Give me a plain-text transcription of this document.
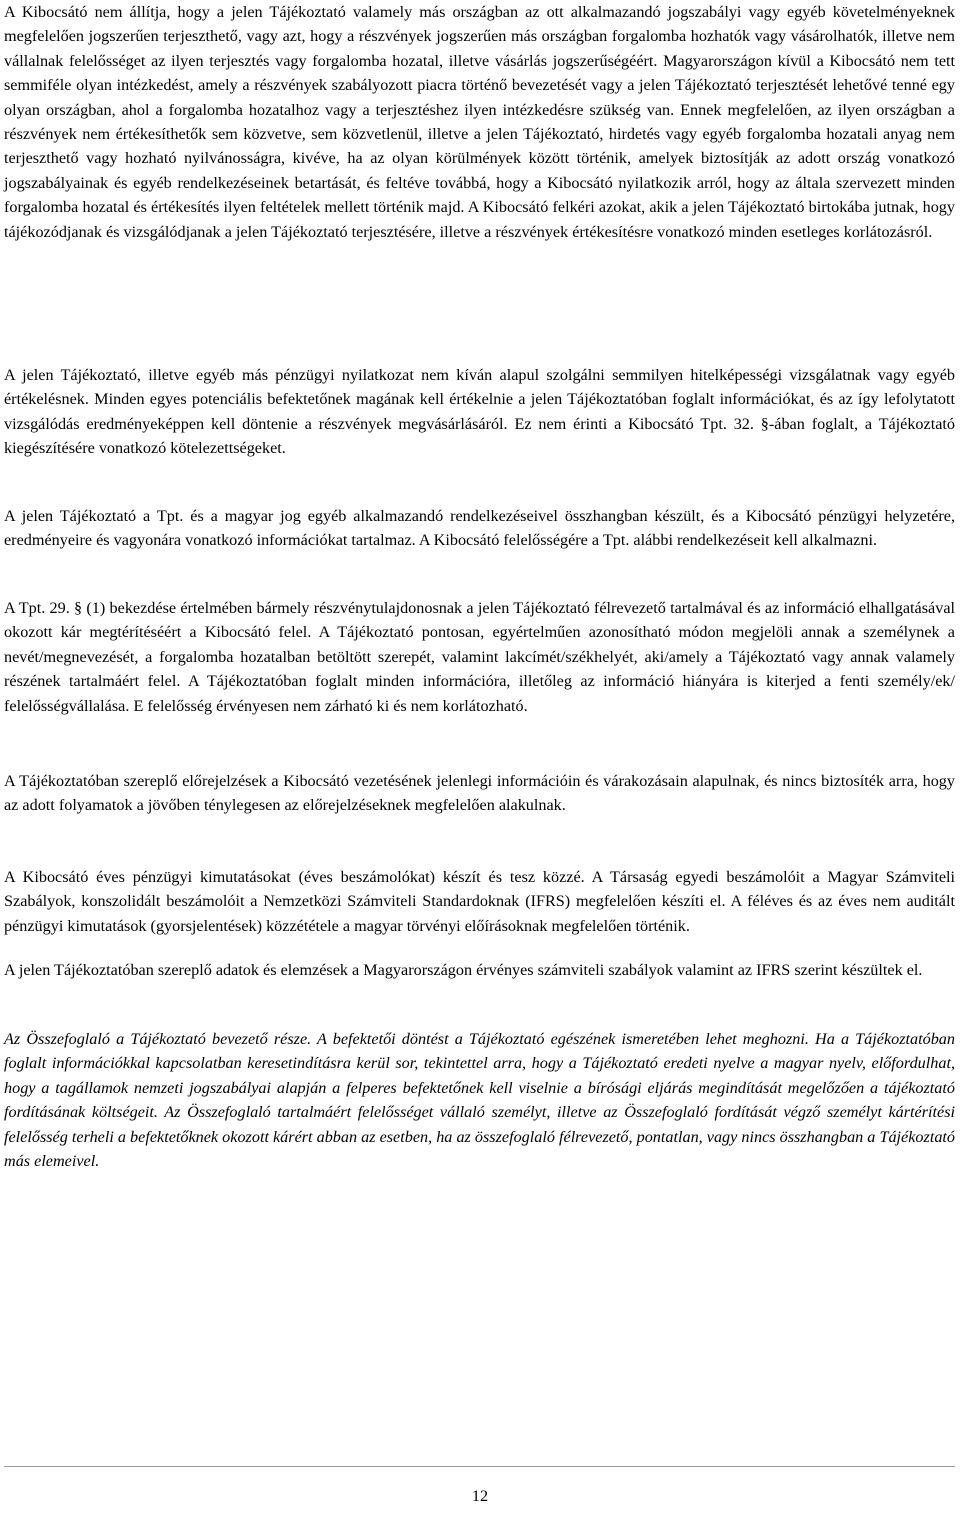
A Kibocsátó nem állítja, hogy a jelen Tájékoztató valamely más országban az ott alkalmazandó jogszabályi vagy egyéb követelményeknek megfelelően jogszerűen terjeszthető, vagy azt, hogy a részvények jogszerűen más országban forgalomba hozhatók vagy vásárolhatók, illetve nem vállalnak felelősséget az ilyen terjesztés vagy forgalomba hozatal, illetve vásárlás jogszerűségéért. Magyarországon kívül a Kibocsátó nem tett semmiféle olyan intézkedést, amely a részvények szabályozott piacra történő bevezetését vagy a jelen Tájékoztató terjesztését lehetővé tenné egy olyan országban, ahol a forgalomba hozatalhoz vagy a terjesztéshez ilyen intézkedésre szükség van. Ennek megfelelően, az ilyen országban a részvények nem értékesíthetők sem közvetve, sem közvetlenül, illetve a jelen Tájékoztató, hirdetés vagy egyéb forgalomba hozatali anyag nem terjeszthető vagy hozható nyilvánosságra, kivéve, ha az olyan körülmények között történik, amelyek biztosítják az adott ország vonatkozó jogszabályainak és egyéb rendelkezéseinek betartását, és feltéve továbbá, hogy a Kibocsátó nyilatkozik arról, hogy az általa szervezett minden forgalomba hozatal és értékesítés ilyen feltételek mellett történik majd. A Kibocsátó felkéri azokat, akik a jelen Tájékoztató birtokába jutnak, hogy tájékozódjanak és vizsgálódjanak a jelen Tájékoztató terjesztésére, illetve a részvények értékesítésre vonatkozó minden esetleges korlátozásról.

A jelen Tájékoztató, illetve egyéb más pénzügyi nyilatkozat nem kíván alapul szolgálni semmilyen hitelképességi vizsgálatnak vagy egyéb értékelésnek. Minden egyes potenciális befektetőnek magának kell értékelnie a jelen Tájékoztatóban foglalt információkat, és az így lefolytatott vizsgálódás eredményeképpen kell döntenie a részvények megvásárlásáról. Ez nem érinti a Kibocsátó Tpt. 32. §-ában foglalt, a Tájékoztató kiegészítésére vonatkozó kötelezettségeket.

A jelen Tájékoztató a Tpt. és a magyar jog egyéb alkalmazandó rendelkezéseivel összhangban készült, és a Kibocsátó pénzügyi helyzetére, eredményeire és vagyonára vonatkozó információkat tartalmaz. A Kibocsátó felelősségére a Tpt. alábbi rendelkezéseit kell alkalmazni.

A Tpt. 29. § (1) bekezdése értelmében bármely részvénytulajdonosnak a jelen Tájékoztató félrevezető tartalmával és az információ elhallgatásával okozott kár megtérítéséért a Kibocsátó felel. A Tájékoztató pontosan, egyértelműen azonosítható módon megjelöli annak a személynek a nevét/megnevezését, a forgalomba hozatalban betöltött szerepét, valamint lakcímét/székhelyét, aki/amely a Tájékoztató vagy annak valamely részének tartalmáért felel. A Tájékoztatóban foglalt minden információra, illetőleg az információ hiányára is kiterjed a fenti személy/ek/ felelősségvállalása. E felelősség érvényesen nem zárható ki és nem korlátozható.

A Tájékoztatóban szereplő előrejelzések a Kibocsátó vezetésének jelenlegi információin és várakozásain alapulnak, és nincs biztosíték arra, hogy az adott folyamatok a jövőben ténylegesen az előrejelzéseknek megfelelően alakulnak.

A Kibocsátó éves pénzügyi kimutatásokat (éves beszámolókat) készít és tesz közzé. A Társaság egyedi beszámolóit a Magyar Számviteli Szabályok, konszolidált beszámolóit a Nemzetközi Számviteli Standardoknak (IFRS) megfelelően készíti el. A féléves és az éves nem auditált pénzügyi kimutatások (gyorsjelentések) közzététele a magyar törvényi előírásoknak megfelelően történik.

A jelen Tájékoztatóban szereplő adatok és elemzések a Magyarországon érvényes számviteli szabályok valamint az IFRS szerint készültek el.

Az Összefoglaló a Tájékoztató bevezető része. A befektetői döntést a Tájékoztató egészének ismeretében lehet meghozni. Ha a Tájékoztatóban foglalt információkkal kapcsolatban keresetindításra kerül sor, tekintettel arra, hogy a Tájékoztató eredeti nyelve a magyar nyelv, előfordulhat, hogy a tagállamok nemzeti jogszabályai alapján a felperes befektetőnek kell viselnie a bírósági eljárás megindítását megelőzően a tájékoztató fordításának költségeit. Az Összefoglaló tartalmáért felelősséget vállaló személyt, illetve az Összefoglaló fordítását végző személyt kártérítési felelősség terheli a befektetőknek okozott kárért abban az esetben, ha az összefoglaló félrevezető, pontatlan, vagy nincs összhangban a Tájékoztató más elemeivel.

12
